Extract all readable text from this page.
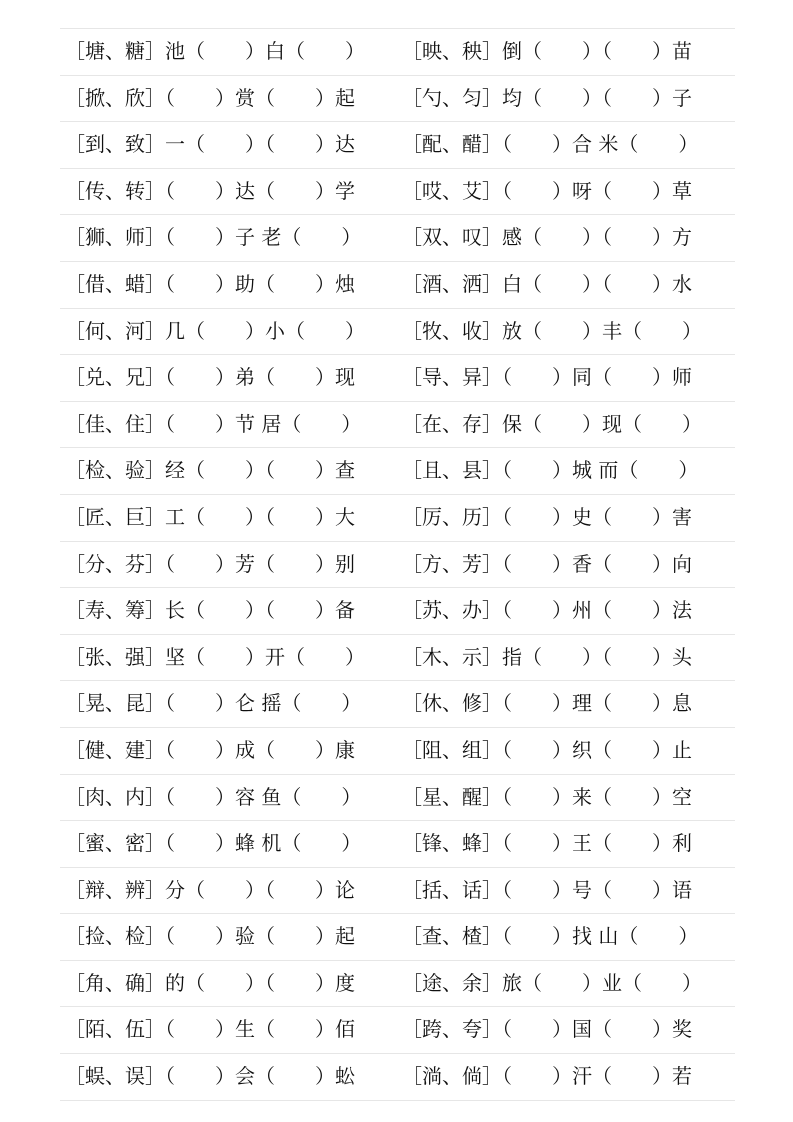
［塘、糖］池（　　）白（　　） ［映、秧］倒（　　）（　　）苗
［掀、欣］（　　）赏（　　）起 ［勺、匀］均（　　）（　　）子
［到、致］一（　　）（　　）达 ［配、醋］（　　）合 米（　　）
［传、转］（　　）达（　　）学 ［哎、艾］（　　）呀（　　）草
［狮、师］（　　）子 老（　　） ［双、叹］感（　　）（　　）方
［借、蜡］（　　）助（　　）烛 ［酒、洒］白（　　）（　　）水
［何、河］几（　　）小（　　） ［牧、收］放（　　）丰（　　）
［兑、兄］（　　）弟（　　）现 ［导、异］（　　）同（　　）师
［佳、住］（　　）节 居（　　） ［在、存］保（　　）现（　　）
［检、验］经（　　）（　　）查 ［且、县］（　　）城 而（　　）
［匠、巨］工（　　）（　　）大 ［厉、历］（　　）史（　　）害
［分、芬］（　　）芳（　　）别 ［方、芳］（　　）香（　　）向
［寿、筹］长（　　）（　　）备 ［苏、办］（　　）州（　　）法
［张、强］坚（　　）开（　　） ［木、示］指（　　）（　　）头
［晃、昆］（　　）仑 摇（　　） ［休、修］（　　）理（　　）息
［健、建］（　　）成（　　）康 ［阻、组］（　　）织（　　）止
［肉、内］（　　）容 鱼（　　） ［星、醒］（　　）来（　　）空
［蜜、密］（　　）蜂 机（　　） ［锋、蜂］（　　）王（　　）利
［辩、辨］分（　　）（　　）论 ［括、话］（　　）号（　　）语
［捡、检］（　　）验（　　）起 ［查、楂］（　　）找 山（　　）
［角、确］的（　　）（　　）度 ［途、余］旅（　　）业（　　）
［陌、伍］（　　）生（　　）佰 ［跨、夸］（　　）国（　　）奖
［蜈、误］（　　）会（　　）蚣 ［淌、倘］（　　）汗（　　）若
